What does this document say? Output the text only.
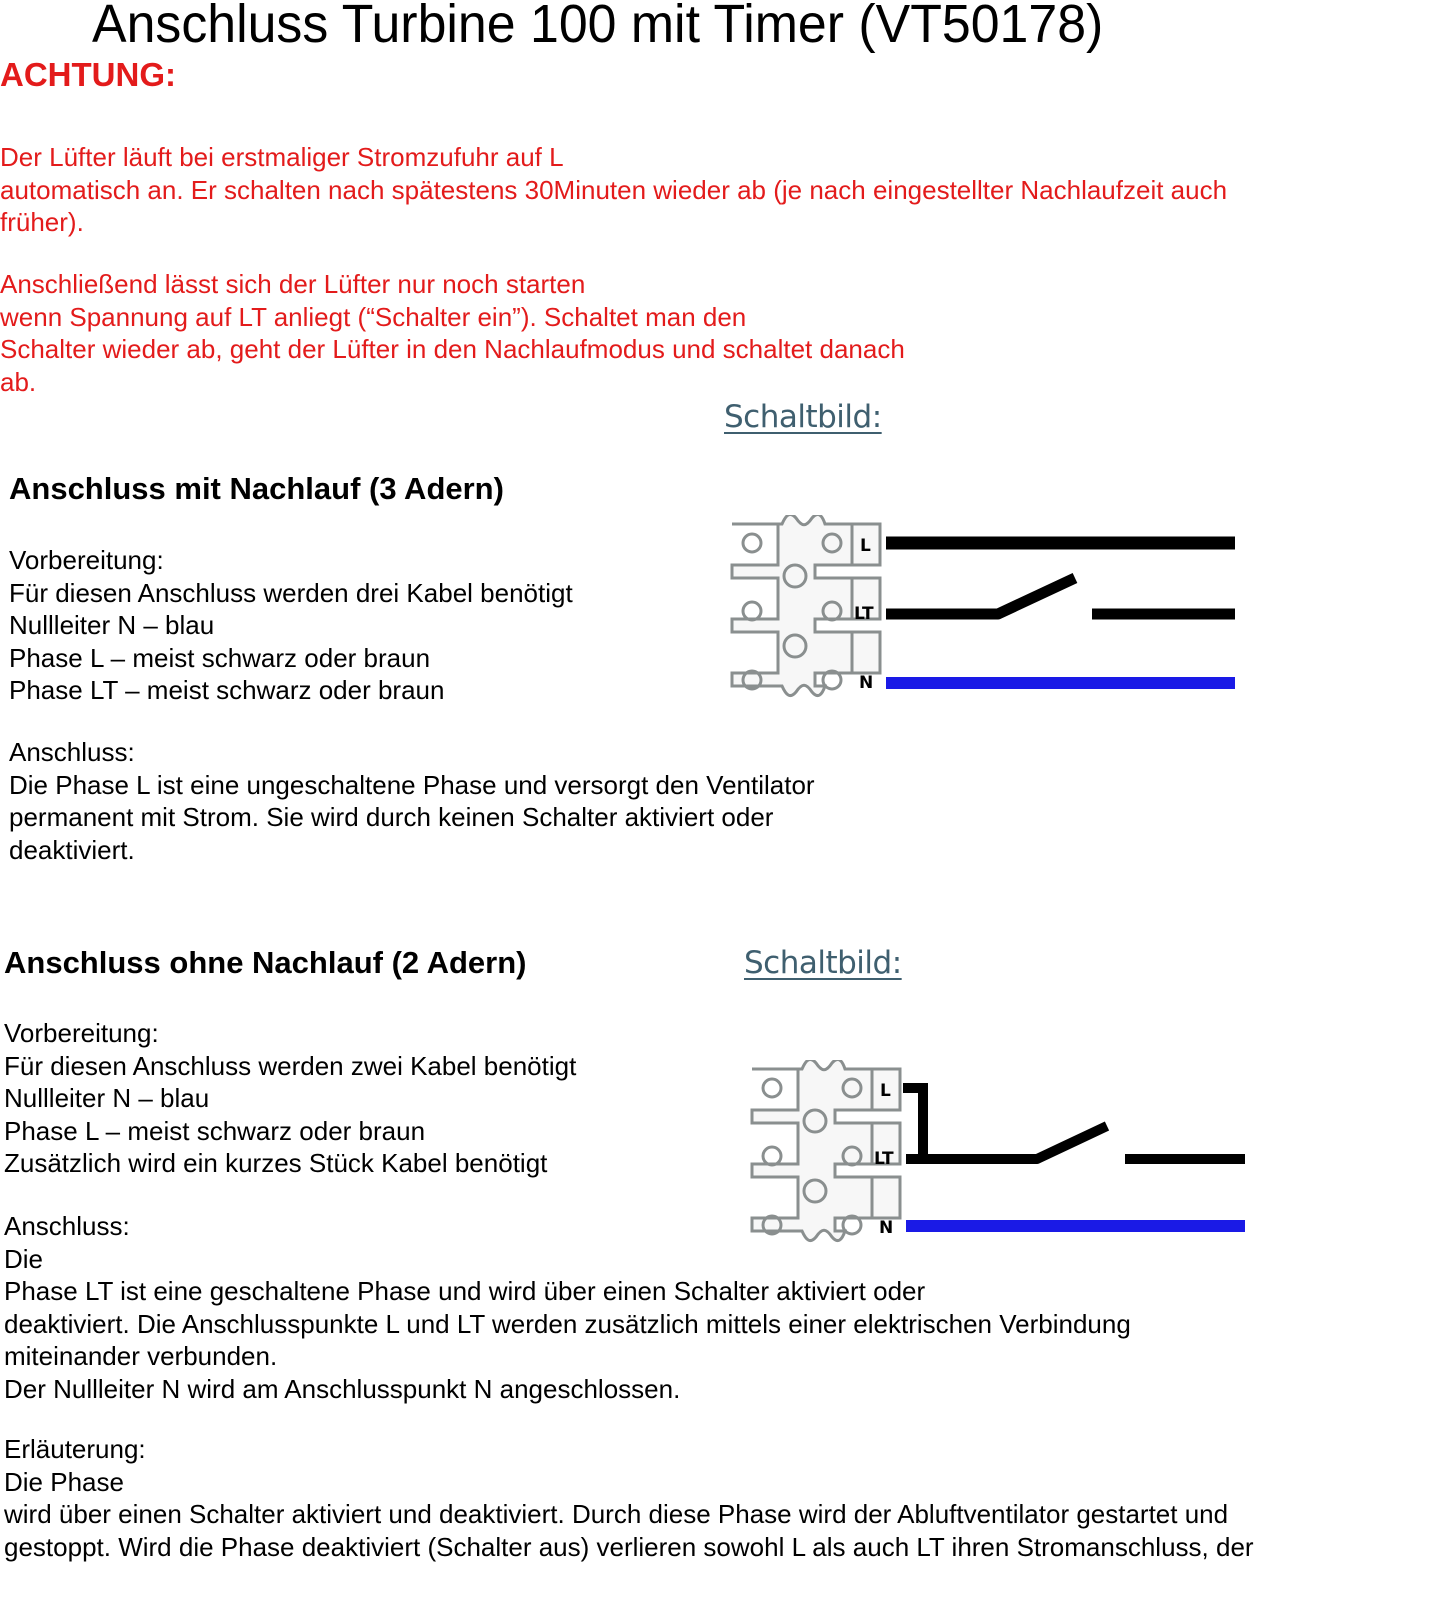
Anschluss Turbine 100 mit Timer (VT50178)
ACHTUNG:
Der Lüfter läuft bei erstmaliger Stromzufuhr auf L
automatisch an. Er schalten nach spätestens 30Minuten wieder ab (je nach eingestellter Nachlaufzeit auch
früher).
Anschließend lässt sich der Lüfter nur noch starten
wenn Spannung auf LT anliegt (“Schalter ein”). Schaltet man den
Schalter wieder ab, geht der Lüfter in den Nachlaufmodus und schaltet danach
ab.
Schaltbild:
Anschluss mit Nachlauf (3 Adern)
Vorbereitung:
Für diesen Anschluss werden drei Kabel benötigt
Nullleiter N – blau
Phase L – meist schwarz oder braun
Phase LT – meist schwarz oder braun
Anschluss:
Die Phase L ist eine ungeschaltene Phase und versorgt den Ventilator
permanent mit Strom. Sie wird durch keinen Schalter aktiviert oder
deaktiviert.
L
LT
N
Anschluss ohne Nachlauf (2 Adern)	Schaltbild:
Vorbereitung:
Für diesen Anschluss werden zwei Kabel benötigt
Nullleiter N – blau
Phase L – meist schwarz oder braun
Zusätzlich wird ein kurzes Stück Kabel benötigt
Anschluss:
Die
Phase LT ist eine geschaltene Phase und wird über einen Schalter aktiviert oder
deaktiviert. Die Anschlusspunkte L und LT werden zusätzlich mittels einer elektrischen Verbindung
miteinander verbunden.
Der Nullleiter N wird am Anschlusspunkt N angeschlossen.
Erläuterung:
Die Phase
wird über einen Schalter aktiviert und deaktiviert. Durch diese Phase wird der Abluftventilator gestartet und
gestoppt. Wird die Phase deaktiviert (Schalter aus) verlieren sowohl L als auch LT ihren Stromanschluss, der
L
LT
N
